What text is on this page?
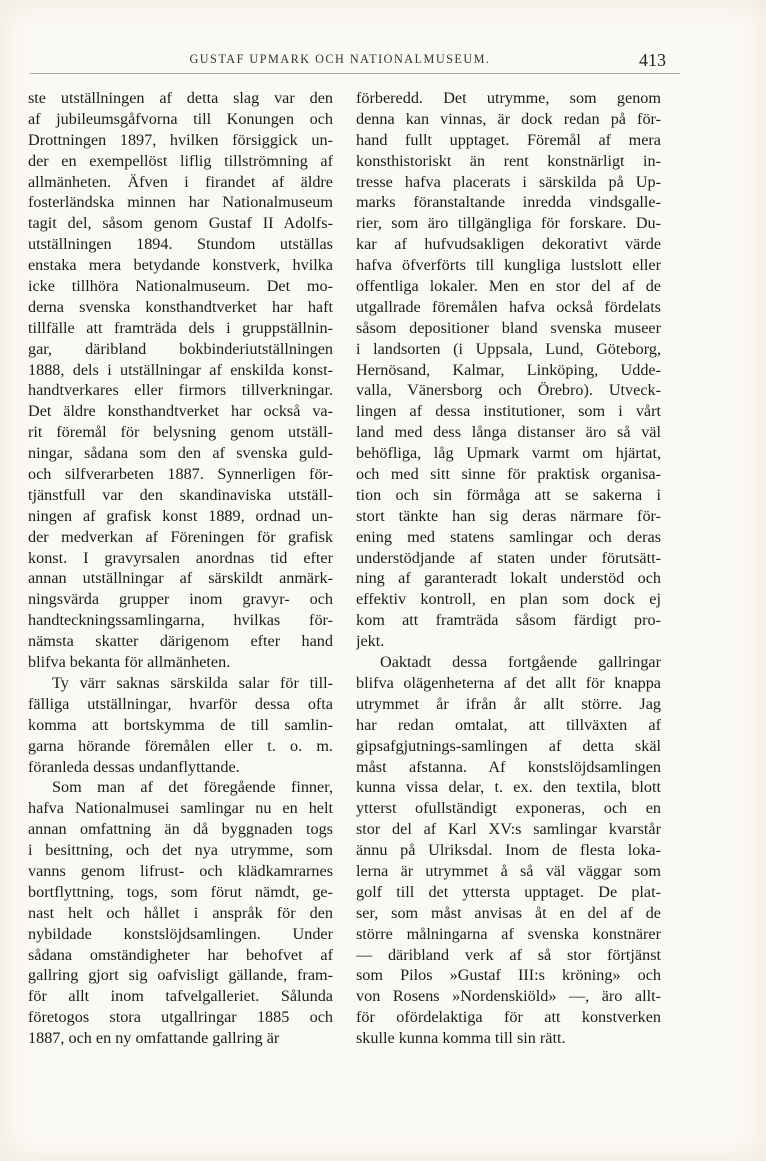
GUSTAF UPMARK OCH NATIONALMUSEUM.	413
ste utställningen af detta slag var den
af jubileumsgåfvorna till Konungen och
Drottningen 1897, hvilken försiggick un-
der en exempellöst liflig tillströmning af
allmänheten. Äfven i firandet af äldre
fosterländska minnen har Nationalmuseum
tagit del, såsom genom Gustaf II Adolfs-
utställningen 1894. Stundom utställas
enstaka mera betydande konstverk, hvilka
icke tillhöra Nationalmuseum. Det mo-
derna svenska konsthandtverket har haft
tillfälle att framträda dels i gruppställnin-
gar, däribland bokbinderiutställningen
1888, dels i utställningar af enskilda konst-
handtverkares eller firmors tillverkningar.
Det äldre konsthandtverket har också va-
rit föremål för belysning genom utställ-
ningar, sådana som den af svenska guld-
och silfverarbeten 1887. Synnerligen för-
tjänstfull var den skandinaviska utställ-
ningen af grafisk konst 1889, ordnad un-
der medverkan af Föreningen för grafisk
konst. I gravyrsalen anordnas tid efter
annan utställningar af särskildt anmärk-
ningsvärda grupper inom gravyr- och
handteckningssamlingarna, hvilkas för-
nämsta skatter därigenom efter hand
blifva bekanta för allmänheten.
Ty värr saknas särskilda salar för till-
fälliga utställningar, hvarför dessa ofta
komma att bortskymma de till samlin-
garna hörande föremålen eller t. o. m.
föranleda dessas undanflyttande.
Som man af det föregående finner,
hafva Nationalmusei samlingar nu en helt
annan omfattning än då byggnaden togs
i besittning, och det nya utrymme, som
vanns genom lifrust- och klädkamrarnes
bortflyttning, togs, som förut nämdt, ge-
nast helt och hållet i anspråk för den
nybildade konstslöjdsamlingen. Under
sådana omständigheter har behofvet af
gallring gjort sig oafvisligt gällande, fram-
för allt inom tafvelgalleriet. Sålunda
företogos stora utgallringar 1885 och
1887, och en ny omfattande gallring är
förberedd. Det utrymme, som genom
denna kan vinnas, är dock redan på för-
hand fullt upptaget. Föremål af mera
konsthistoriskt än rent konstnärligt in-
tresse hafva placerats i särskilda på Up-
marks föranstaltande inredda vindsgalle-
rier, som äro tillgängliga för forskare. Du-
kar af hufvudsakligen dekorativt värde
hafva öfverförts till kungliga lustslott eller
offentliga lokaler. Men en stor del af de
utgallrade föremålen hafva också fördelats
såsom depositioner bland svenska museer
i landsorten (i Uppsala, Lund, Göteborg,
Hernösand, Kalmar, Linköping, Udde-
valla, Vänersborg och Örebro). Utveck-
lingen af dessa institutioner, som i vårt
land med dess långa distanser äro så väl
behöfliga, låg Upmark varmt om hjärtat,
och med sitt sinne för praktisk organisa-
tion och sin förmåga att se sakerna i
stort tänkte han sig deras närmare för-
ening med statens samlingar och deras
understödjande af staten under förutsätt-
ning af garanteradt lokalt understöd och
effektiv kontroll, en plan som dock ej
kom att framträda såsom färdigt pro-
jekt.
Oaktadt dessa fortgående gallringar
blifva olägenheterna af det allt för knappa
utrymmet år ifrån år allt större. Jag
har redan omtalat, att tillväxten af
gipsafgjutnings-samlingen af detta skäl
måst afstanna. Af konstslöjdsamlingen
kunna vissa delar, t. ex. den textila, blott
ytterst ofullständigt exponeras, och en
stor del af Karl XV:s samlingar kvarstår
ännu på Ulriksdal. Inom de flesta loka-
lerna är utrymmet å så väl väggar som
golf till det yttersta upptaget. De plat-
ser, som måst anvisas åt en del af de
större målningarna af svenska konstnärer
— däribland verk af så stor förtjänst
som Pilos »Gustaf III:s kröning» och
von Rosens »Nordenskiöld» —, äro allt-
för ofördelaktiga för att konstverken
skulle kunna komma till sin rätt.
